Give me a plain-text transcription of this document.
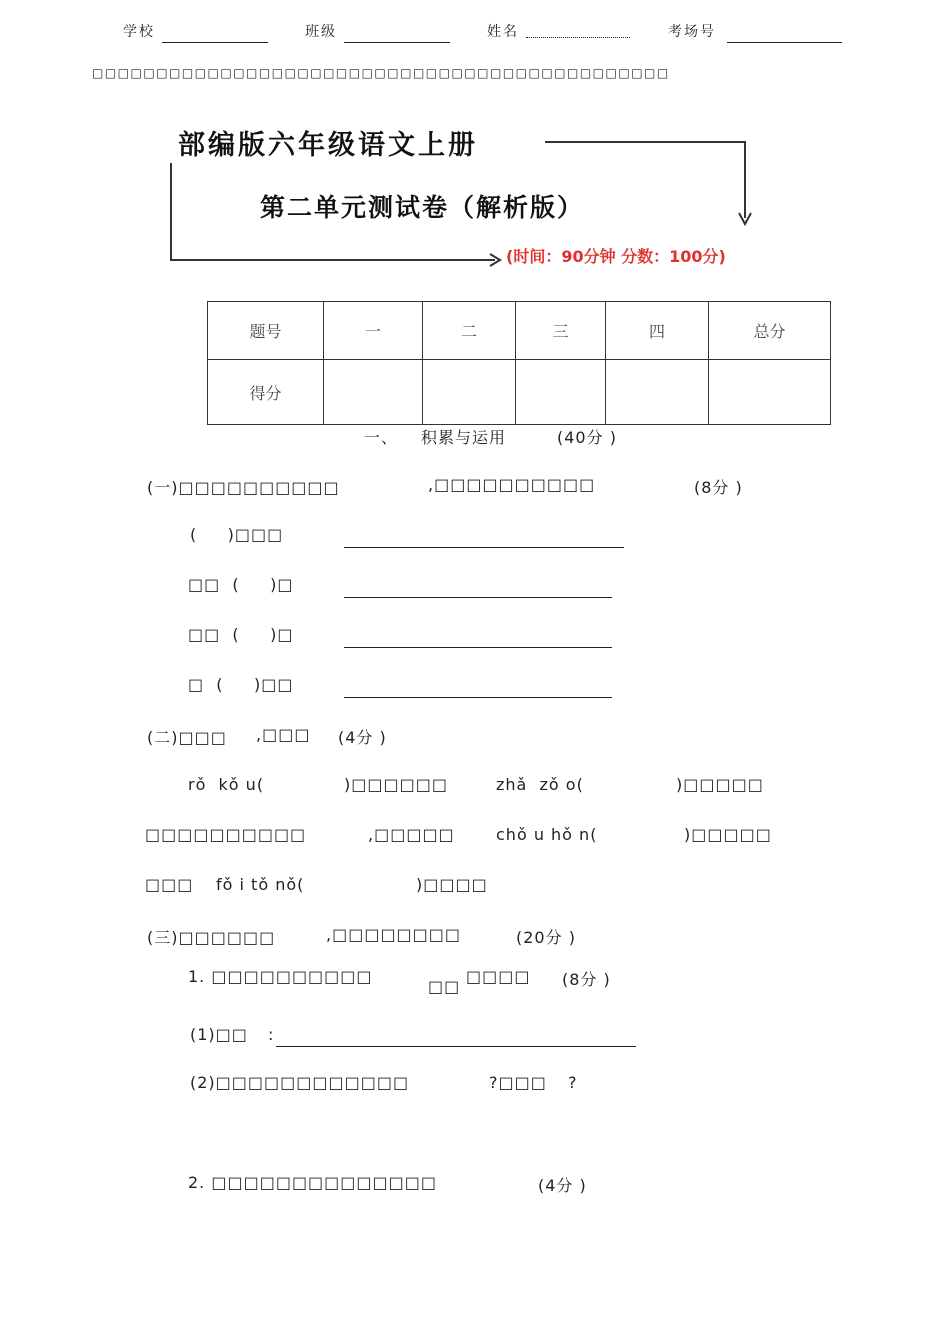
学校	班级	姓名	考场号
□□□□□□□□□□□□□□□□□□□□□□□□□□□□□□□□□□□□□□□□□□□□□
部编版六年级语文上册
第二单元测试卷（解析版）
(时间：90分钟 分数：100分)
题号	一	二	三	四	总分
得分					
一、 积累与运用	(40分 )
(一)□□□□□□□□□□	,□□□□□□□□□□	(8分 )
(     )□□□
□□  (     )□
□□  (     )□
□  (     )□□
(二)□□□ ,□□□ (4分 )
rǒ  kǒ u(	)□□□□□□	zhǎ  zǒ o(	)□□□□□
□□□□□□□□□□	,□□□□□	chǒ u hǒ n(	)□□□□□
□□□ fǒ i tǒ nǒ(	)□□□□
(三)□□□□□□	,□□□□□□□□	(20分 )
1. □□□□□□□□□□
□□
□□□□ (8分 )
(1)□□ :
(2)□□□□□□□□□□□□	?□□□ ?
2. □□□□□□□□□□□□□□	(4分 )
